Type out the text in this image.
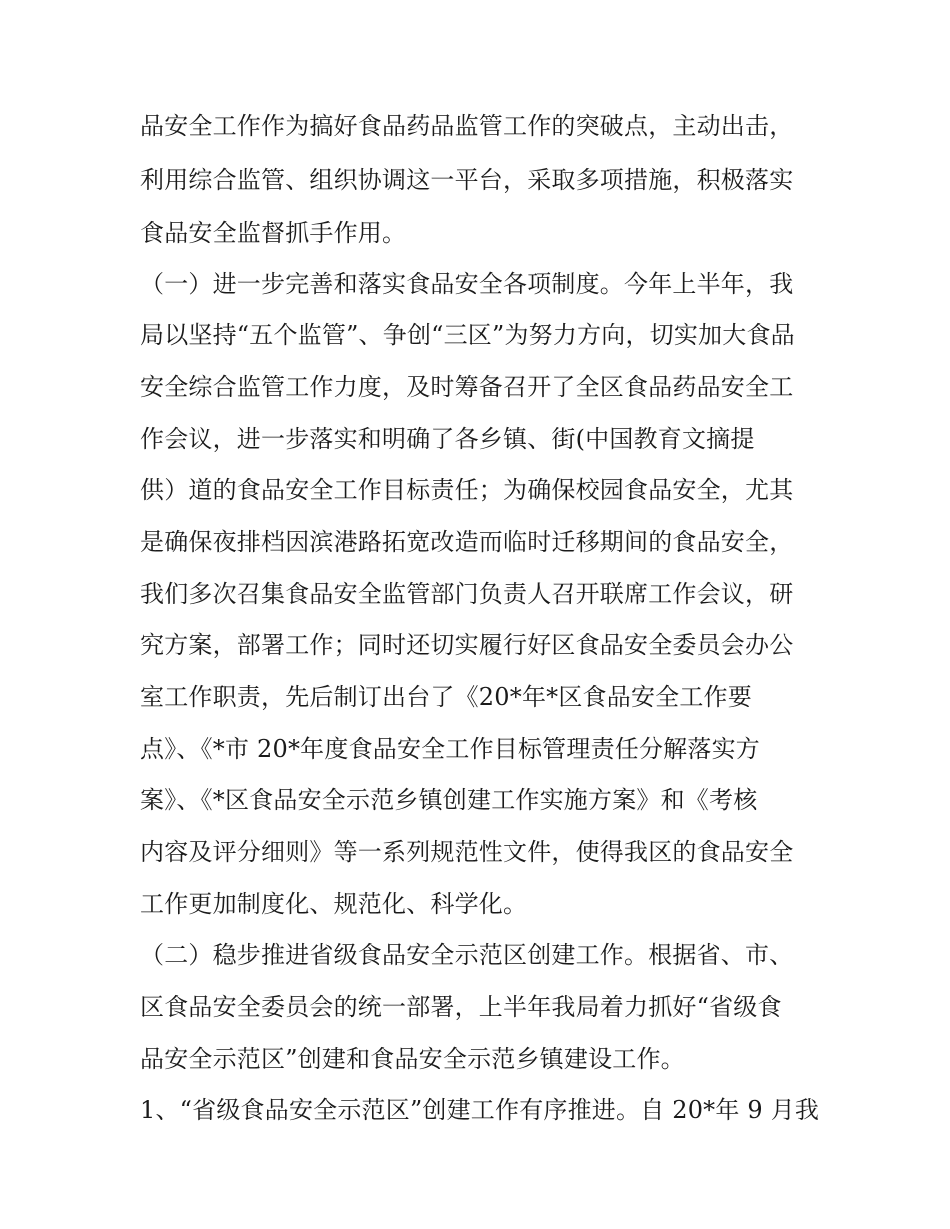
品安全工作作为搞好食品药品监管工作的突破点，主动出击，
利用综合监管、组织协调这一平台，采取多项措施，积极落实
食品安全监督抓手作用。
（一）进一步完善和落实食品安全各项制度。今年上半年，我
局以坚持“五个监管”、争创“三区”为努力方向，切实加大食品
安全综合监管工作力度，及时筹备召开了全区食品药品安全工
作会议，进一步落实和明确了各乡镇、街(中国教育文摘提
供）道的食品安全工作目标责任；为确保校园食品安全，尤其
是确保夜排档因滨港路拓宽改造而临时迁移期间的食品安全，
我们多次召集食品安全监管部门负责人召开联席工作会议，研
究方案，部署工作；同时还切实履行好区食品安全委员会办公
室工作职责，先后制订出台了《20*年*区食品安全工作要
点》、《*市 20*年度食品安全工作目标管理责任分解落实方
案》、《*区食品安全示范乡镇创建工作实施方案》和《考核
内容及评分细则》等一系列规范性文件，使得我区的食品安全
工作更加制度化、规范化、科学化。
（二）稳步推进省级食品安全示范区创建工作。根据省、市、
区食品安全委员会的统一部署，上半年我局着力抓好“省级食
品安全示范区”创建和食品安全示范乡镇建设工作。
1、“省级食品安全示范区”创建工作有序推进。自 20*年 9 月我
